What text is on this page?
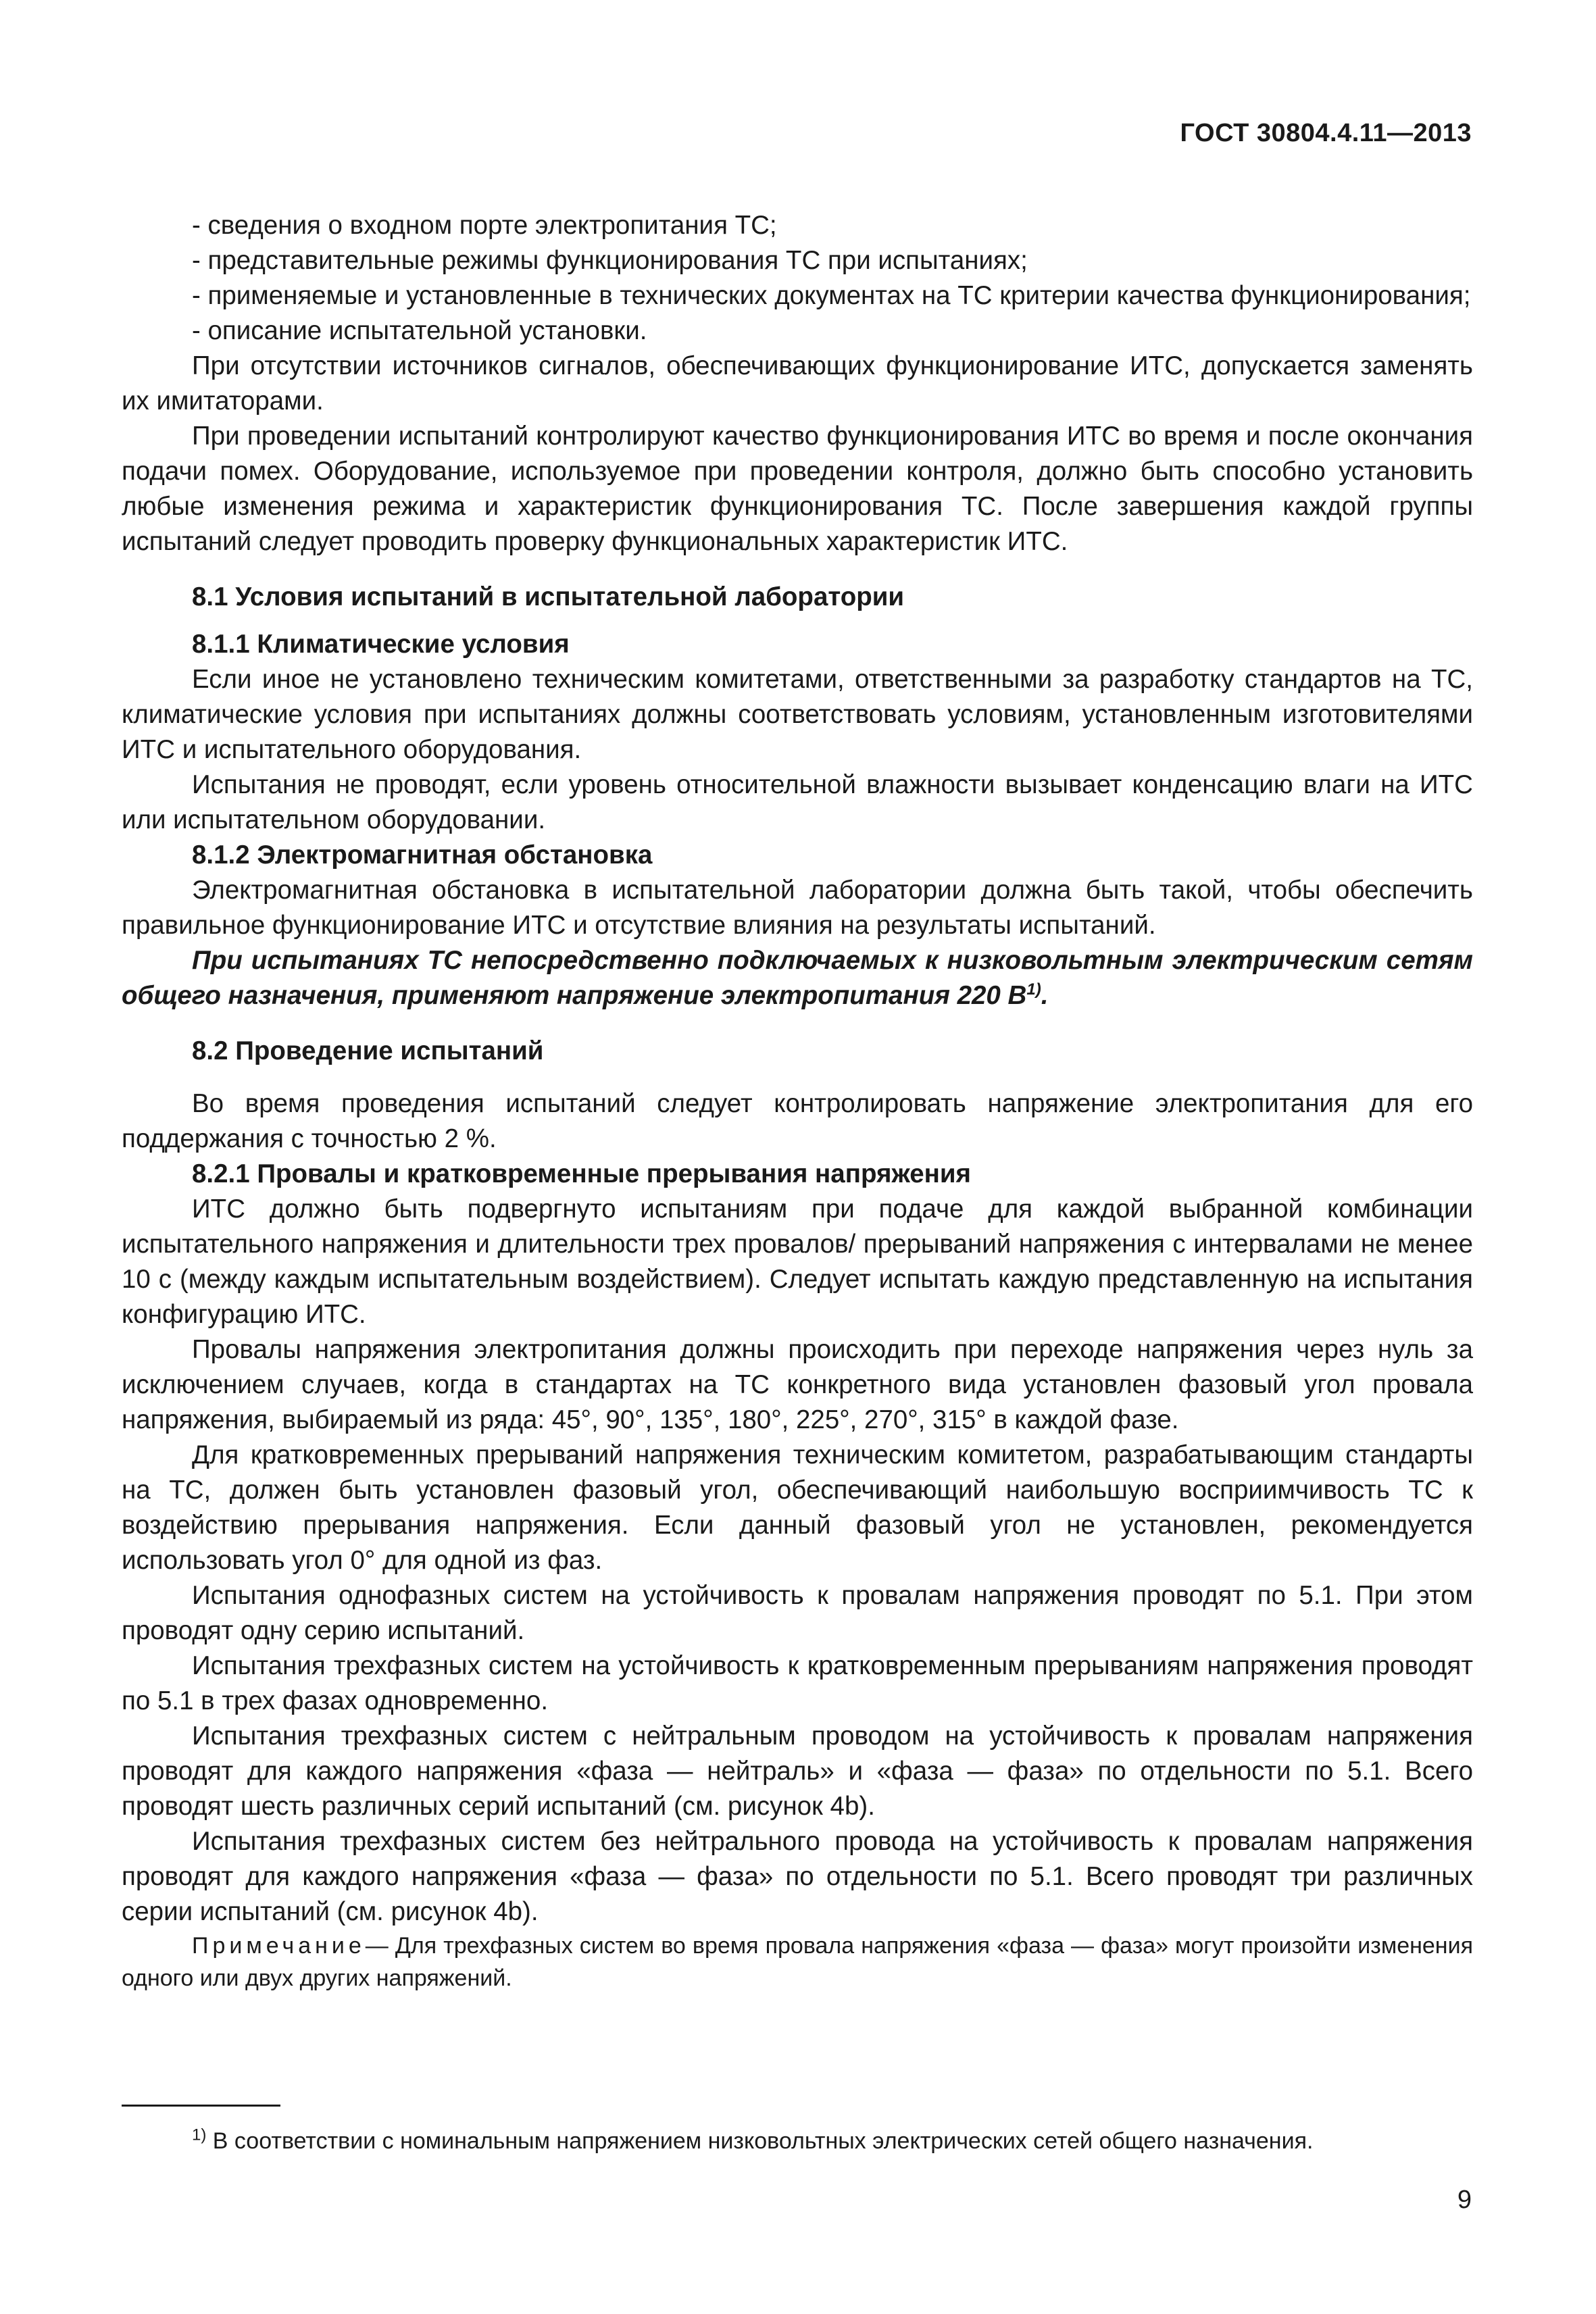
ГОСТ 30804.4.11—2013

- сведения о входном порте электропитания ТС;

- представительные режимы функционирования ТС при испытаниях;

- применяемые и установленные в технических документах на ТС критерии качества функционирования;

- описание испытательной установки.

При отсутствии источников сигналов, обеспечивающих функционирование ИТС, допускается заменять их имитаторами.

При проведении испытаний контролируют качество функционирования ИТС во время и после окончания подачи помех. Оборудование, используемое при проведении контроля, должно быть способно установить любые изменения режима и характеристик функционирования ТС. После завершения каждой группы испытаний следует проводить проверку функциональных характеристик ИТС.

8.1 Условия испытаний в испытательной лаборатории

8.1.1 Климатические условия

Если иное не установлено техническим комитетами, ответственными за разработку стандартов на ТС, климатические условия при испытаниях должны соответствовать условиям, установленным изготовителями ИТС и испытательного оборудования.

Испытания не проводят, если уровень относительной влажности вызывает конденсацию влаги на ИТС или испытательном оборудовании.

8.1.2 Электромагнитная обстановка

Электромагнитная обстановка в испытательной лаборатории должна быть такой, чтобы обеспечить правильное функционирование ИТС и отсутствие влияния на результаты испытаний.

При испытаниях ТС непосредственно подключаемых к низковольтным электрическим сетям общего назначения, применяют напряжение электропитания 220 $В^{1)}$.

8.2 Проведение испытаний

Во время проведения испытаний следует контролировать напряжение электропитания для его поддержания с точностью 2 %.

8.2.1 Провалы и кратковременные прерывания напряжения

ИТС должно быть подвергнуто испытаниям при подаче для каждой выбранной комбинации испытательного напряжения и длительности трех провалов/ прерываний напряжения с интервалами не менее 10 с (между каждым испытательным воздействием). Следует испытать каждую представленную на испытания конфигурацию ИТС.

Провалы напряжения электропитания должны происходить при переходе напряжения через нуль за исключением случаев, когда в стандартах на ТС конкретного вида установлен фазовый угол провала напряжения, выбираемый из ряда: 45°, 90°, 135°, 180°, 225°, 270°, 315° в каждой фазе.

Для кратковременных прерываний напряжения техническим комитетом, разрабатывающим стандарты на ТС, должен быть установлен фазовый угол, обеспечивающий наибольшую восприимчивость ТС к воздействию прерывания напряжения. Если данный фазовый угол не установлен, рекомендуется использовать угол 0° для одной из фаз.

Испытания однофазных систем на устойчивость к провалам напряжения проводят по 5.1. При этом проводят одну серию испытаний.

Испытания трехфазных систем на устойчивость к кратковременным прерываниям напряжения проводят по 5.1 в трех фазах одновременно.

Испытания трехфазных систем с нейтральным проводом на устойчивость к провалам напряжения проводят для каждого напряжения «фаза — нейтраль» и «фаза — фаза» по отдельности по 5.1. Всего проводят шесть различных серий испытаний (см. рисунок 4b).

Испытания трехфазных систем без нейтрального провода на устойчивость к провалам напряжения проводят для каждого напряжения «фаза — фаза» по отдельности по 5.1. Всего проводят три различных серии испытаний (см. рисунок 4b).

Примечание— Для трехфазных систем во время провала напряжения «фаза — фаза» могут произойти изменения одного или двух других напряжений.

$^{1)}$ В соответствии с номинальным напряжением низковольтных электрических сетей общего назначения.
9
